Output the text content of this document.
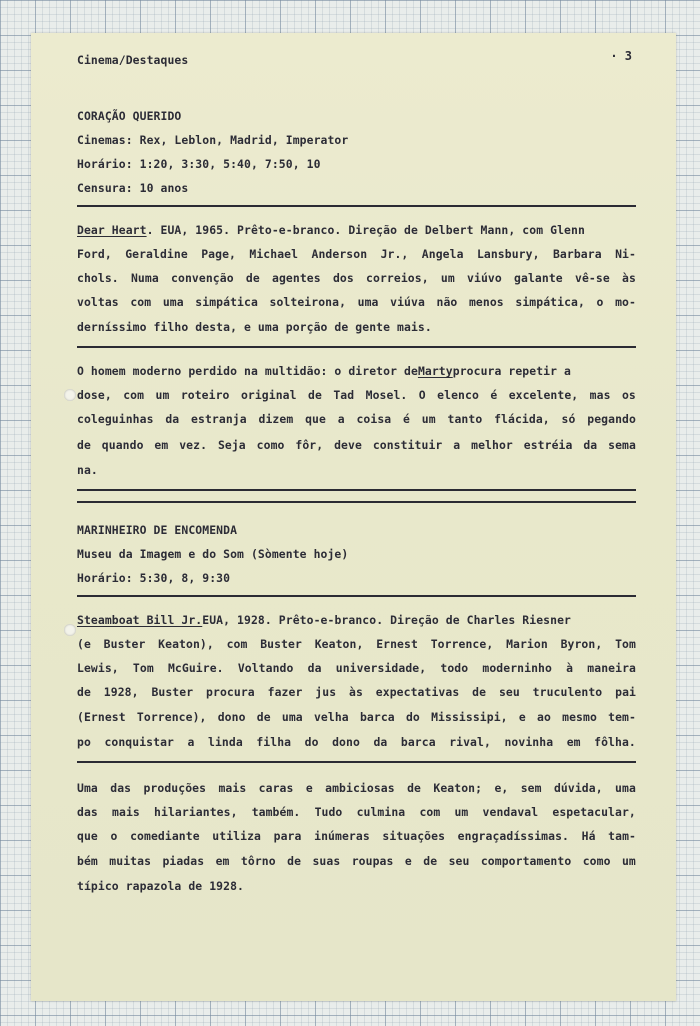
Cinema/Destaques	· 3
CORAÇÃO QUERIDO
Cinemas: Rex, Leblon, Madrid, Imperator
Horário: 1:20, 3:30, 5:40, 7:50, 10
Censura: 10 anos
Dear Heart . EUA, 1965. Prêto-e-branco. Direção de Delbert Mann, com Glenn
Ford, Geraldine Page, Michael Anderson Jr., Angela Lansbury, Barbara Ni-
chols. Numa convenção de agentes dos correios, um viúvo galante vê-se às
voltas com uma simpática solteirona, uma viúva não menos simpática, o mo-
derníssimo filho desta, e uma porção de gente mais.
O homem moderno perdido na multidão: o diretor de Marty procura repetir a
dose, com um roteiro original de Tad Mosel. O elenco é excelente, mas os
coleguinhas da estranja dizem que a coisa é um tanto flácida, só pegando
de quando em vez. Seja como fôr, deve constituir a melhor estréia da sema
na.
MARINHEIRO DE ENCOMENDA
Museu da Imagem e do Som (Sòmente hoje)
Horário: 5:30, 8, 9:30
Steamboat Bill Jr. EUA, 1928. Prêto-e-branco. Direção de Charles Riesner
(e Buster Keaton), com Buster Keaton, Ernest Torrence, Marion Byron, Tom
Lewis, Tom McGuire. Voltando da universidade, todo moderninho à maneira
de 1928, Buster procura fazer jus às expectativas de seu truculento pai
(Ernest Torrence), dono de uma velha barca do Mississipi, e ao mesmo tem-
po conquistar a linda filha do dono da barca rival, novinha em fôlha.
Uma das produções mais caras e ambiciosas de Keaton; e, sem dúvida, uma
das mais hilariantes, também. Tudo culmina com um vendaval espetacular,
que o comediante utiliza para inúmeras situações engraçadíssimas. Há tam-
bém muitas piadas em tôrno de suas roupas e de seu comportamento como um
típico rapazola de 1928.
